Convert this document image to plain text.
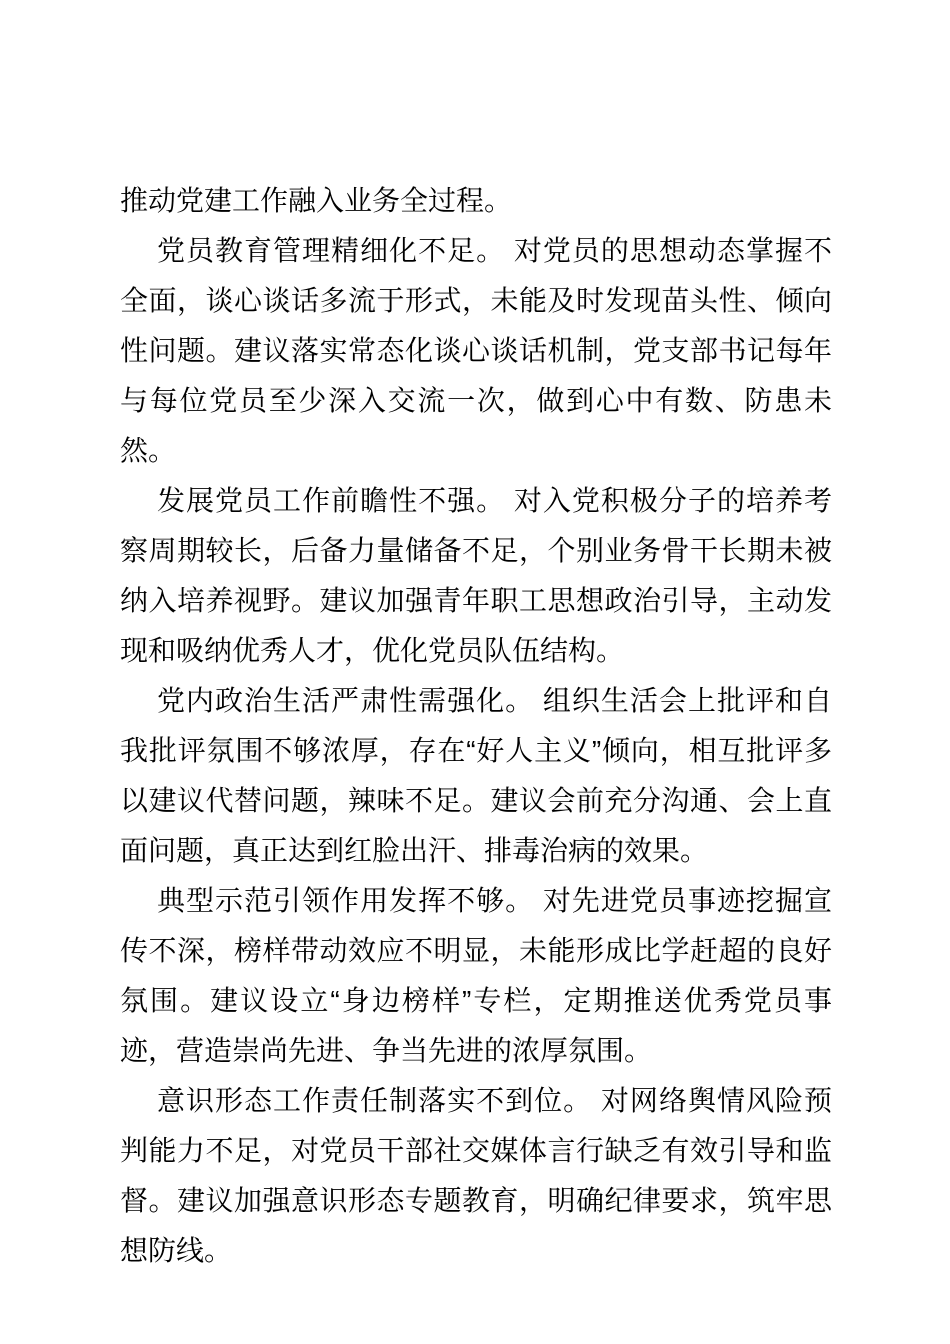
推动党建工作融入业务全过程。

党员教育管理精细化不足。 对党员的思想动态掌握不全面，谈心谈话多流于形式，未能及时发现苗头性、倾向性问题。建议落实常态化谈心谈话机制，党支部书记每年与每位党员至少深入交流一次，做到心中有数、防患未然。

发展党员工作前瞻性不强。 对入党积极分子的培养考察周期较长，后备力量储备不足，个别业务骨干长期未被纳入培养视野。建议加强青年职工思想政治引导，主动发现和吸纳优秀人才，优化党员队伍结构。

党内政治生活严肃性需强化。 组织生活会上批评和自我批评氛围不够浓厚，存在“好人主义”倾向，相互批评多以建议代替问题，辣味不足。建议会前充分沟通、会上直面问题，真正达到红脸出汗、排毒治病的效果。

典型示范引领作用发挥不够。 对先进党员事迹挖掘宣传不深，榜样带动效应不明显，未能形成比学赶超的良好氛围。建议设立“身边榜样”专栏，定期推送优秀党员事迹，营造崇尚先进、争当先进的浓厚氛围。

意识形态工作责任制落实不到位。 对网络舆情风险预判能力不足，对党员干部社交媒体言行缺乏有效引导和监督。建议加强意识形态专题教育，明确纪律要求，筑牢思想防线。
